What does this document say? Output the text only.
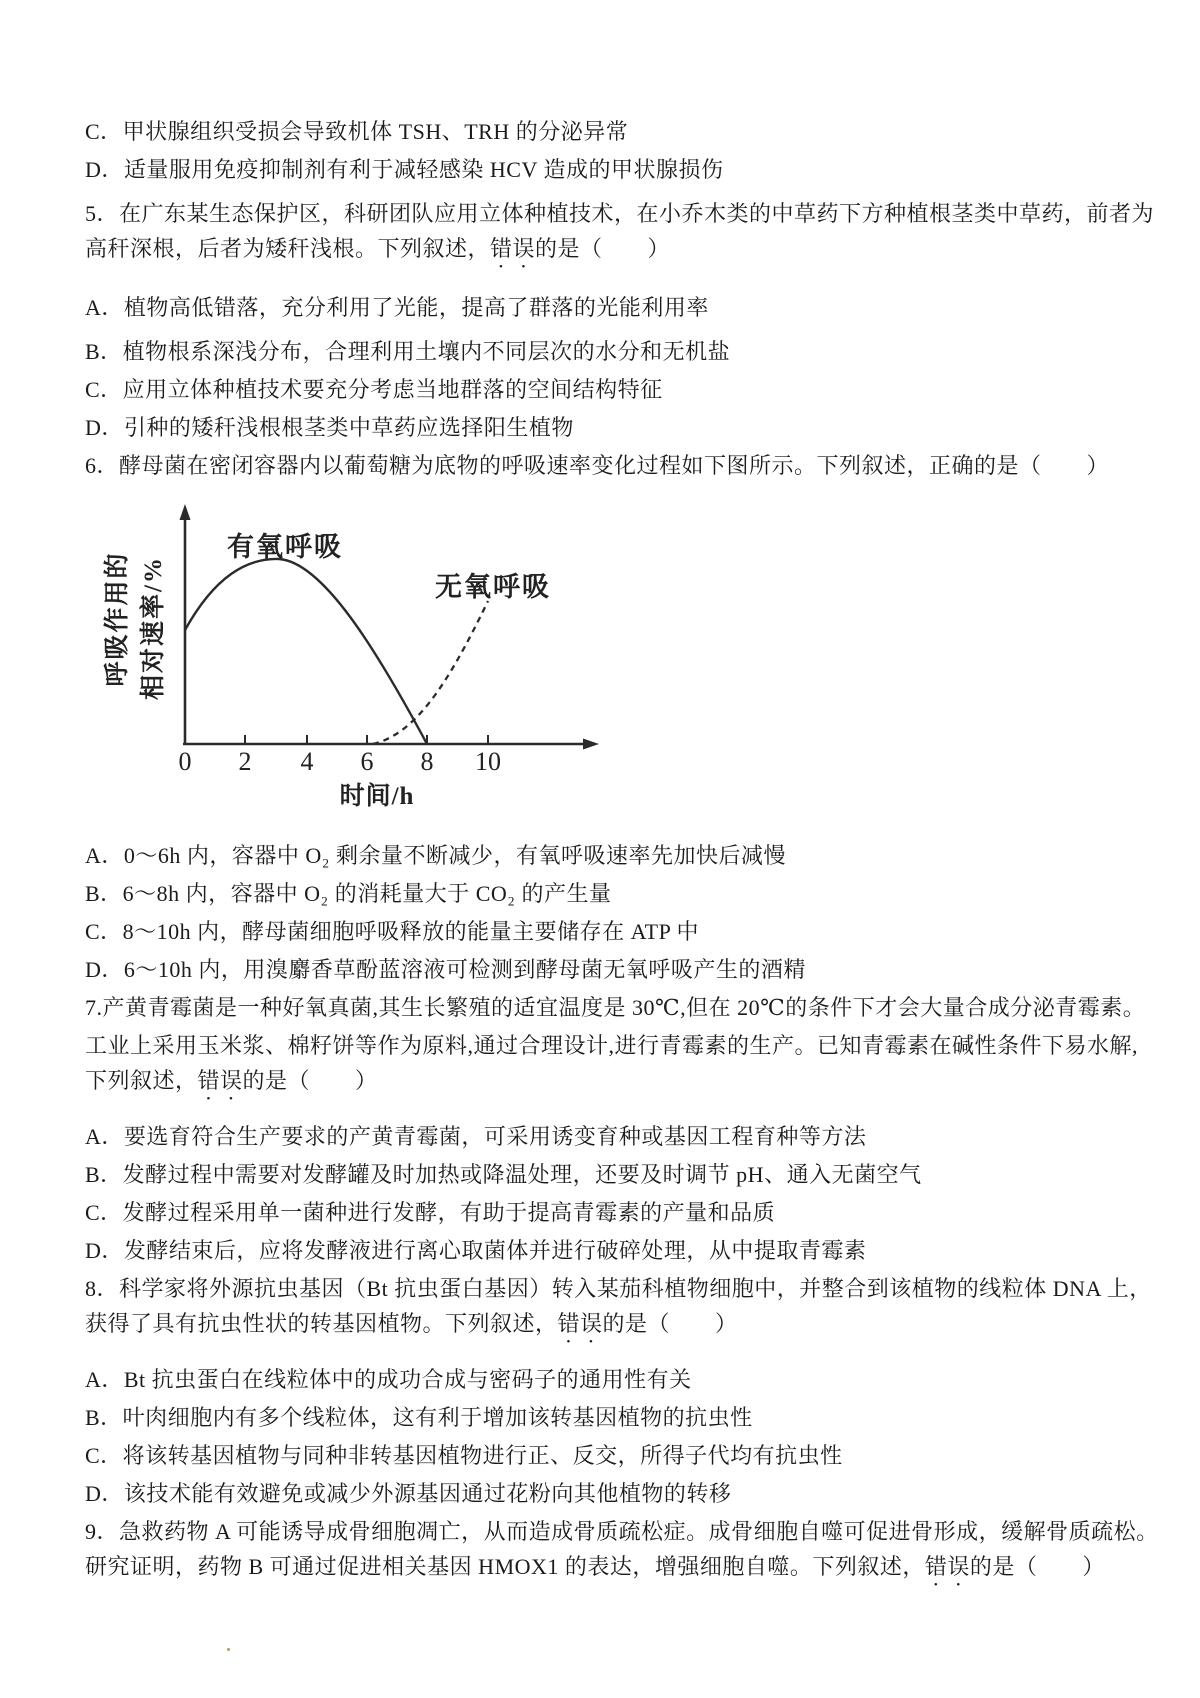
C．甲状腺组织受损会导致机体 TSH、TRH 的分泌异常
D．适量服用免疫抑制剂有利于减轻感染 HCV 造成的甲状腺损伤
5．在广东某生态保护区，科研团队应用立体种植技术，在小乔木类的中草药下方种植根茎类中草药，前者为
高秆深根，后者为矮秆浅根。下列叙述，错误的是（　　）
A．植物高低错落，充分利用了光能，提高了群落的光能利用率
B．植物根系深浅分布，合理利用土壤内不同层次的水分和无机盐
C．应用立体种植技术要充分考虑当地群落的空间结构特征
D．引种的矮秆浅根根茎类中草药应选择阳生植物
6．酵母菌在密闭容器内以葡萄糖为底物的呼吸速率变化过程如下图所示。下列叙述，正确的是（　　）
0 2 4 6 8 10
时间/h
呼吸作用的 相对速率/%
有氧呼吸
无氧呼吸
A．0～6h 内，容器中 O₂ 剩余量不断减少，有氧呼吸速率先加快后减慢
B．6～8h 内，容器中 O₂ 的消耗量大于 CO₂ 的产生量
C．8～10h 内，酵母菌细胞呼吸释放的能量主要储存在 ATP 中
D．6～10h 内，用溴麝香草酚蓝溶液可检测到酵母菌无氧呼吸产生的酒精
7.产黄青霉菌是一种好氧真菌,其生长繁殖的适宜温度是 30℃,但在 20℃的条件下才会大量合成分泌青霉素。
工业上采用玉米浆、棉籽饼等作为原料,通过合理设计,进行青霉素的生产。已知青霉素在碱性条件下易水解,
下列叙述，错误的是（　　）
A．要选育符合生产要求的产黄青霉菌，可采用诱变育种或基因工程育种等方法
B．发酵过程中需要对发酵罐及时加热或降温处理，还要及时调节 pH、通入无菌空气
C．发酵过程采用单一菌种进行发酵，有助于提高青霉素的产量和品质
D．发酵结束后，应将发酵液进行离心取菌体并进行破碎处理，从中提取青霉素
8．科学家将外源抗虫基因（Bt 抗虫蛋白基因）转入某茄科植物细胞中，并整合到该植物的线粒体 DNA 上，
获得了具有抗虫性状的转基因植物。下列叙述，错误的是（　　）
A．Bt 抗虫蛋白在线粒体中的成功合成与密码子的通用性有关
B．叶肉细胞内有多个线粒体，这有利于增加该转基因植物的抗虫性
C．将该转基因植物与同种非转基因植物进行正、反交，所得子代均有抗虫性
D．该技术能有效避免或减少外源基因通过花粉向其他植物的转移
9．急救药物 A 可能诱导成骨细胞凋亡，从而造成骨质疏松症。成骨细胞自噬可促进骨形成，缓解骨质疏松。
研究证明，药物 B 可通过促进相关基因 HMOX1 的表达，增强细胞自噬。下列叙述，错误的是（　　）
